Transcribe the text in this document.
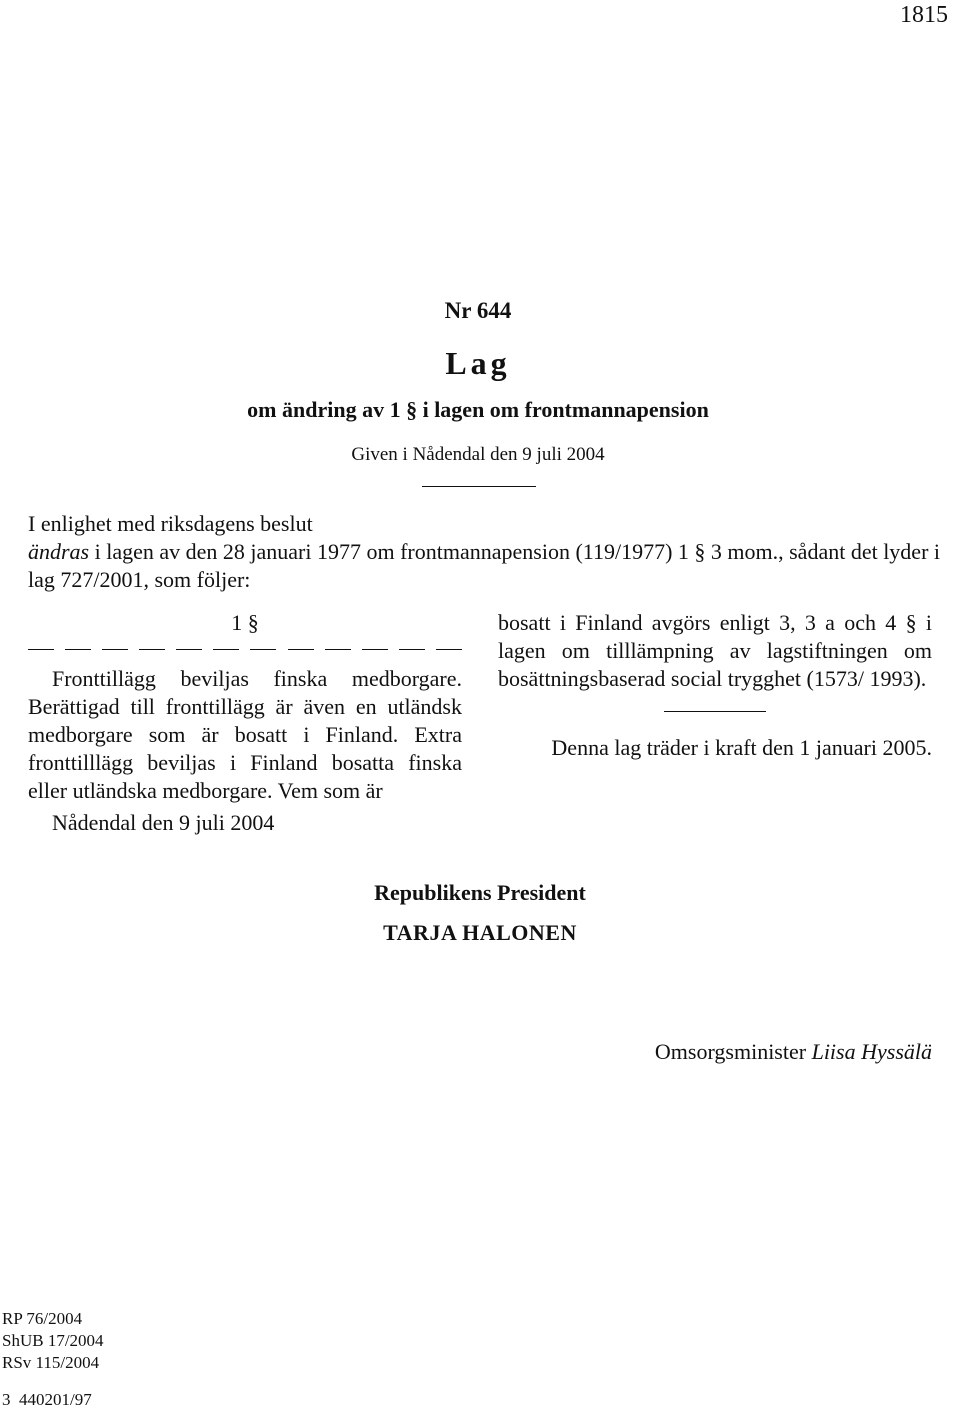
1815
Nr 644
Lag
om ändring av 1 § i lagen om frontmannapension
Given i Nådendal den 9 juli 2004

I enlighet med riksdagens beslut

ändras i lagen av den 28 januari 1977 om frontmannapension (119/1977) 1 § 3 mom., sådant det lyder i lag 727/2001, som följer:

1 §

Fronttillägg beviljas finska medborgare. Berättigad till fronttillägg är även en utländsk medborgare som är bosatt i Finland. Extra fronttilllägg beviljas i Finland bosatta finska eller utländska medborgare. Vem som är

bosatt i Finland avgörs enligt 3, 3 a och 4 § i lagen om tilllämpning av lagstiftningen om bosättningsbaserad social trygghet (1573/ 1993).

Denna lag träder i kraft den 1 januari 2005.

Nådendal den 9 juli 2004
Republikens President
TARJA HALONEN
Omsorgsminister Liisa Hyssälä
RP 76/2004
ShUB 17/2004
RSv 115/2004
3  440201/97
